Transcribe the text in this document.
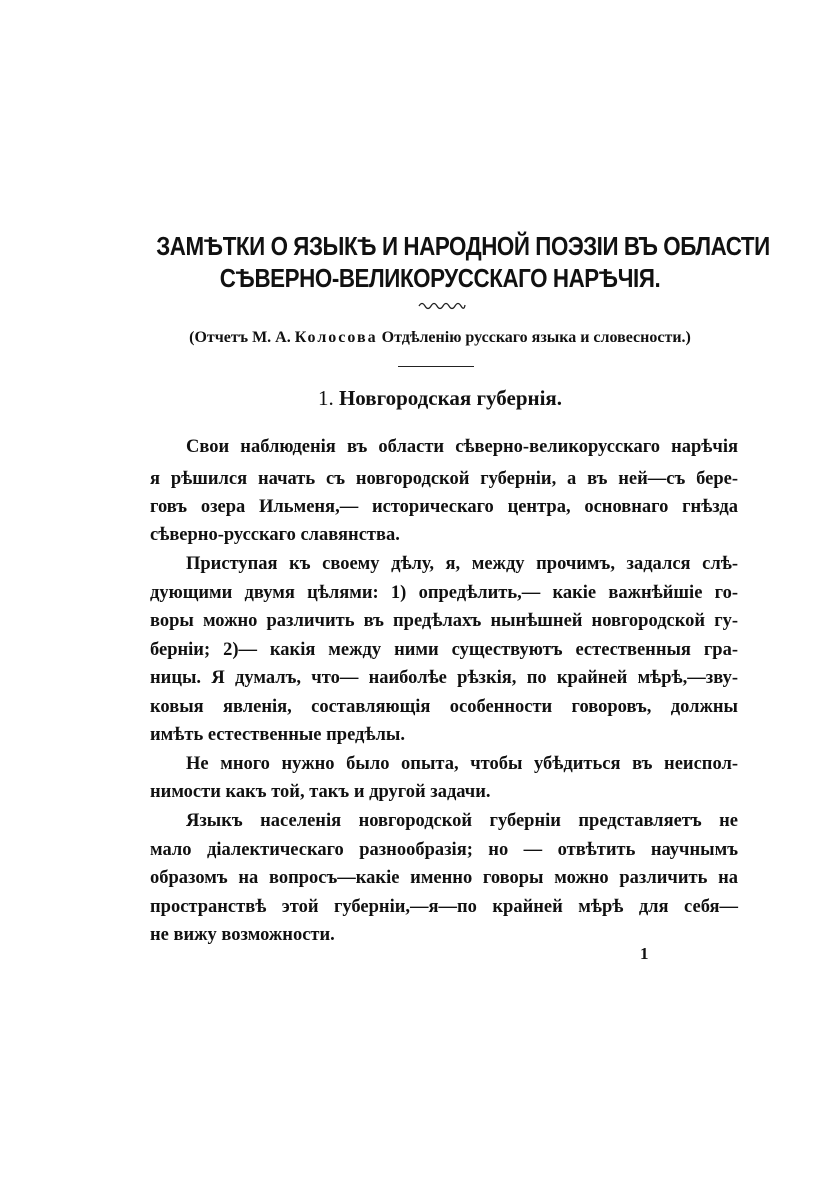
ЗАМѢТКИ О ЯЗЫКѢ И НАРОДНОЙ ПОЭЗІИ ВЪ ОБЛАСТИ
СѢВЕРНО-ВЕЛИКОРУССКАГО НАРѢЧІЯ.
(Отчетъ М. А. Колосова Отдѣленію русскаго языка и словесности.)
1. Новгородская губернія.
Свои наблюденія въ области сѣверно-великорусскаго нарѣчія
я рѣшился начать съ новгородской губерніи, а въ ней—съ бере-
говъ озера Ильменя,— историческаго центра, основнаго гнѣзда
сѣверно-русскаго славянства.
Приступая къ своему дѣлу, я, между прочимъ, задался слѣ-
дующими двумя цѣлями: 1) опредѣлить,— какіе важнѣйшіе го-
воры можно различить въ предѣлахъ нынѣшней новгородской гу-
берніи; 2)— какія между ними существуютъ естественныя гра-
ницы. Я думалъ, что— наиболѣе рѣзкія, по крайней мѣрѣ,—зву-
ковыя явленія, составляющія особенности говоровъ, должны
имѣть естественные предѣлы.
Не много нужно было опыта, чтобы убѣдиться въ неиспол-
нимости какъ той, такъ и другой задачи.
Языкъ населенія новгородской губерніи представляетъ не
мало діалектическаго разнообразія; но — отвѣтить научнымъ
образомъ на вопросъ—какіе именно говоры можно различить на
пространствѣ этой губерніи,—я—по крайней мѣрѣ для себя—
не вижу возможности.
1
